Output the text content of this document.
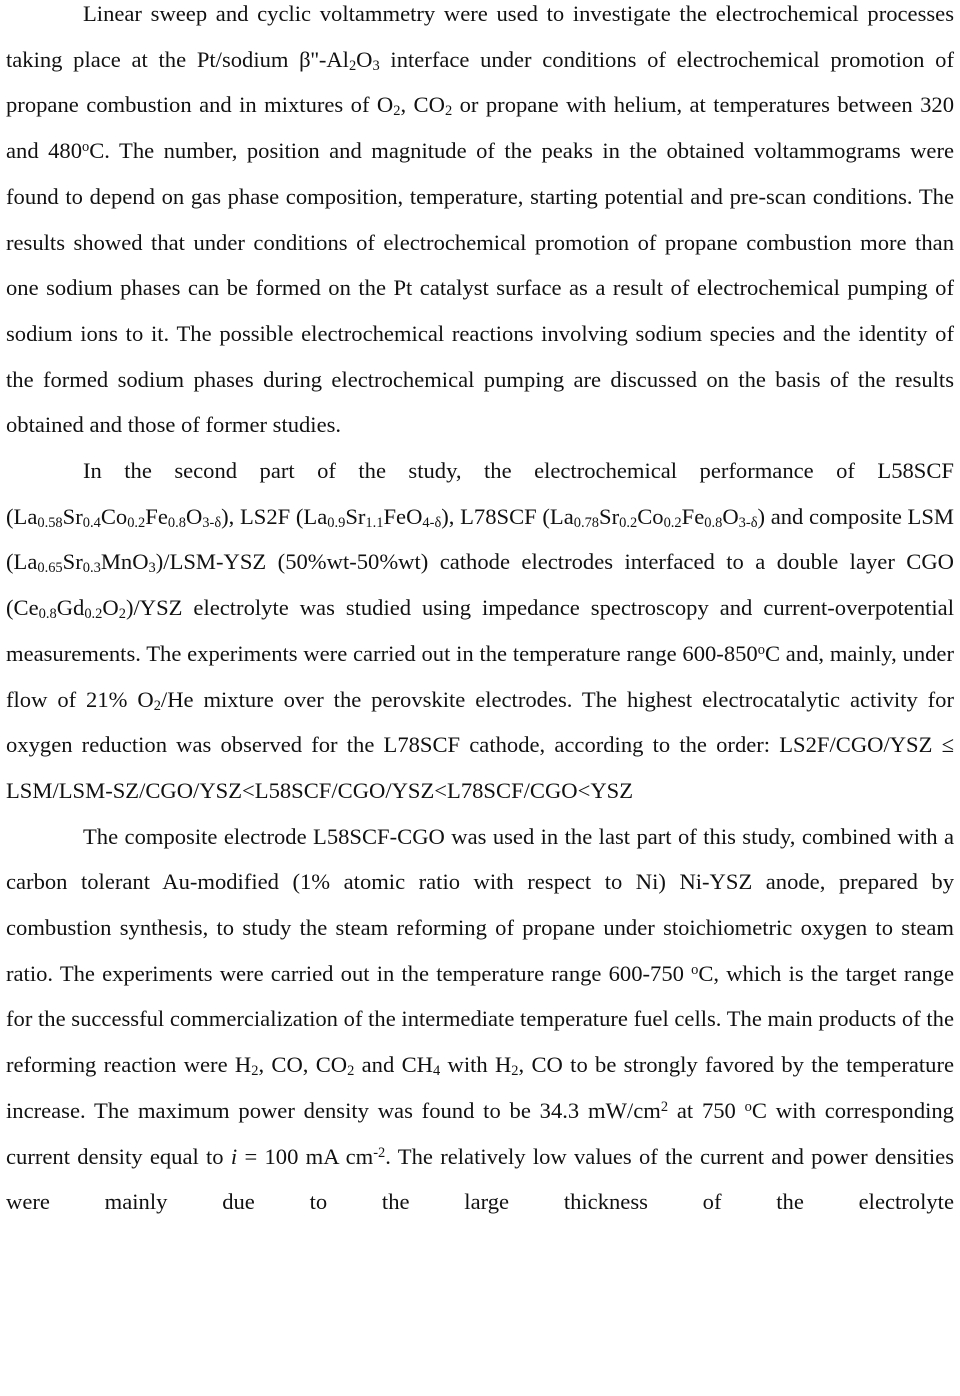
Linear sweep and cyclic voltammetry were used to investigate the electrochemical processes taking place at the Pt/sodium $\beta''-Al_2O_3$ interface under conditions of electrochemical promotion of propane combustion and in mixtures of $O_2$, $CO_2$ or propane with helium, at temperatures between 320 and 480$^o$C. The number, position and magnitude of the peaks in the obtained voltammograms were found to depend on gas phase composition, temperature, starting potential and pre-scan conditions. The results showed that under conditions of electrochemical promotion of propane combustion more than one sodium phases can be formed on the Pt catalyst surface as a result of electrochemical pumping of sodium ions to it. The possible electrochemical reactions involving sodium species and the identity of the formed sodium phases during electrochemical pumping are discussed on the basis of the results obtained and those of former studies.

In the second part of the study, the electrochemical performance of L58SCF $(La_{0.58}Sr_{0.4}Co_{0.2}Fe_{0.8}O_{3-\delta})$, LS2F $(La_{0.9}Sr_{1.1}FeO_{4-\delta})$, L78SCF $(La_{0.78}Sr_{0.2}Co_{0.2}Fe_{0.8}O_{3-\delta})$ and composite LSM $(La_{0.65}Sr_{0.3}MnO_3)/LSM$-YSZ (50%wt-50%wt) cathode electrodes interfaced to a double layer CGO $(Ce_{0.8}Gd_{0.2}O_2)$/YSZ electrolyte was studied using impedance spectroscopy and current-overpotential measurements. The experiments were carried out in the temperature range 600-850$^o$C and, mainly, under flow of 21% $O_2/He$ mixture over the perovskite electrodes. The highest electrocatalytic activity for oxygen reduction was observed for the L78SCF cathode, according to the order: LS2F/CGO/YSZ ≤ LSM/LSM-SZ/CGO/YSZ<L58SCF/CGO/YSZ<L78SCF/CGO<YSZ

The composite electrode L58SCF-CGO was used in the last part of this study, combined with a carbon tolerant Au-modified (1% atomic ratio with respect to Ni) Ni-YSZ anode, prepared by combustion synthesis, to study the steam reforming of propane under stoichiometric oxygen to steam ratio. The experiments were carried out in the temperature range 600-750 $^o$C, which is the target range for the successful commercialization of the intermediate temperature fuel cells. The main products of the reforming reaction were $H_2$, CO, $CO_2$ and $CH_4$ with $H_2$, CO to be strongly favored by the temperature increase. The maximum power density was found to be 34.3 $mW/cm^2$ at 750 $^o$C with corresponding current density equal to i = 100 mA $cm^{-2}$. The relatively low values of the current and power densities were mainly due to the large thickness of the electrolyte
